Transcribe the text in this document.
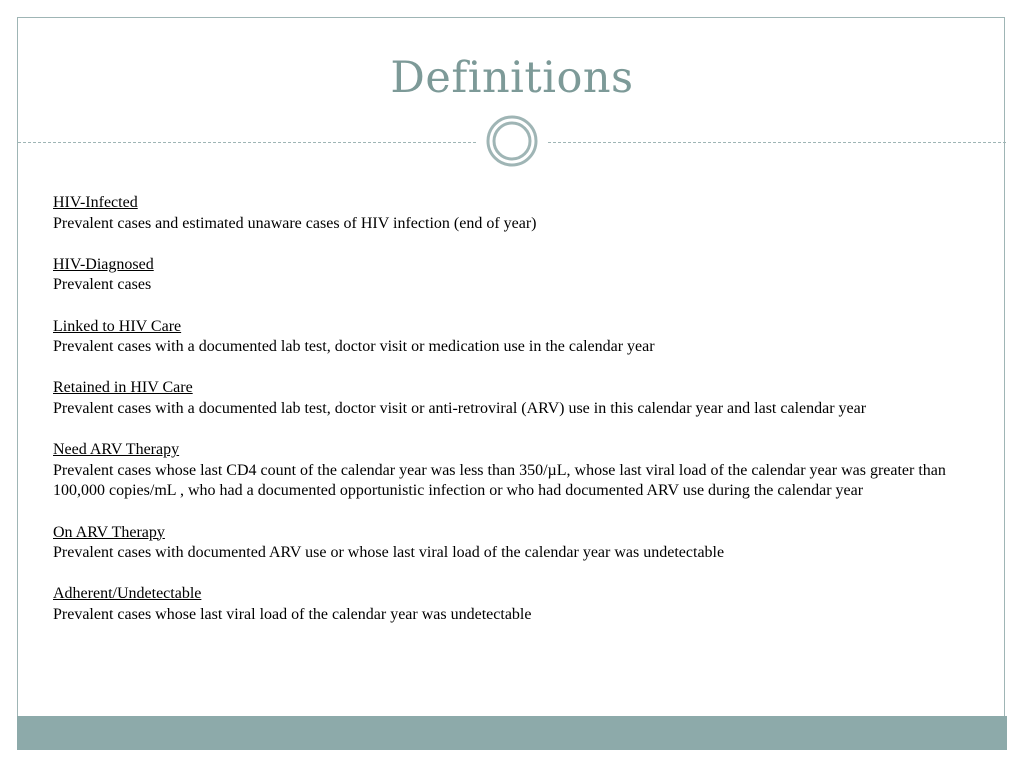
Definitions
HIV-Infected
Prevalent cases and estimated unaware cases of HIV infection (end of year)
HIV-Diagnosed
Prevalent cases
Linked to HIV Care
Prevalent cases with a documented lab test, doctor visit or medication use in the calendar year
Retained in HIV Care
Prevalent cases with a documented lab test, doctor visit or anti-retroviral (ARV) use in this calendar year and last calendar year
Need ARV Therapy
Prevalent cases whose last CD4 count of the calendar year was less than 350/µL, whose last viral load of the calendar year was greater than 100,000 copies/mL , who had a documented opportunistic infection or who had documented ARV use during the calendar year
On ARV Therapy
Prevalent cases with documented ARV use or whose last viral load of the calendar year was undetectable
Adherent/Undetectable
Prevalent cases whose last viral load of the calendar year was undetectable
